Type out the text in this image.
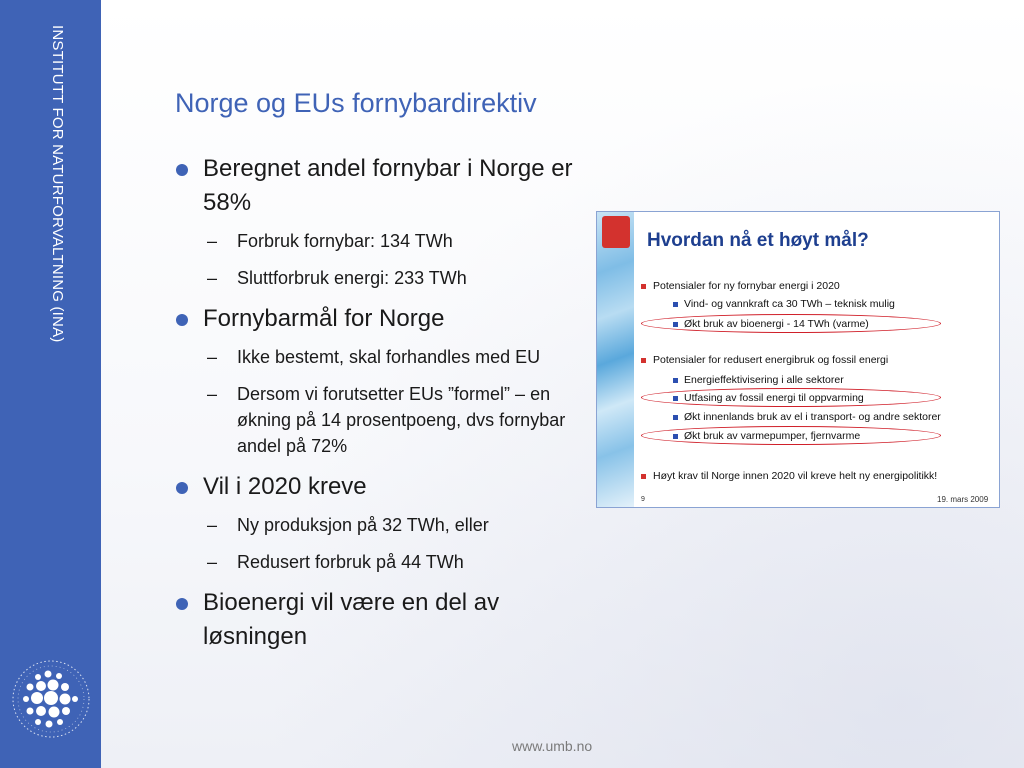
INSTITUTT FOR NATURFORVALTNING (INA)	Norge og EUs fornybardirektiv
Beregnet andel fornybar i Norge er 58%
– Forbruk fornybar: 134 TWh
– Sluttforbruk energi: 233 TWh
Fornybarmål for Norge
– Ikke bestemt, skal forhandles med EU
– Dersom vi forutsetter EUs ”formel” – en økning på 14 prosentpoeng, dvs fornybar andel på 72%
Vil i 2020 kreve
– Ny produksjon på 32 TWh, eller
– Redusert forbruk på 44 TWh
Bioenergi vil være en del av løsningen
Hvordan nå et høyt mål?
Potensialer for ny fornybar energi i 2020
Vind- og vannkraft ca 30 TWh – teknisk mulig
Økt bruk av bioenergi - 14 TWh (varme)
Potensialer for redusert energibruk og fossil energi
Energieffektivisering i alle sektorer
Utfasing av fossil energi til oppvarming
Økt innenlands bruk av el i transport- og andre sektorer
Økt bruk av varmepumper, fjernvarme
Høyt krav til Norge innen 2020 vil kreve helt ny energipolitikk!
9	19. mars 2009
www.umb.no
